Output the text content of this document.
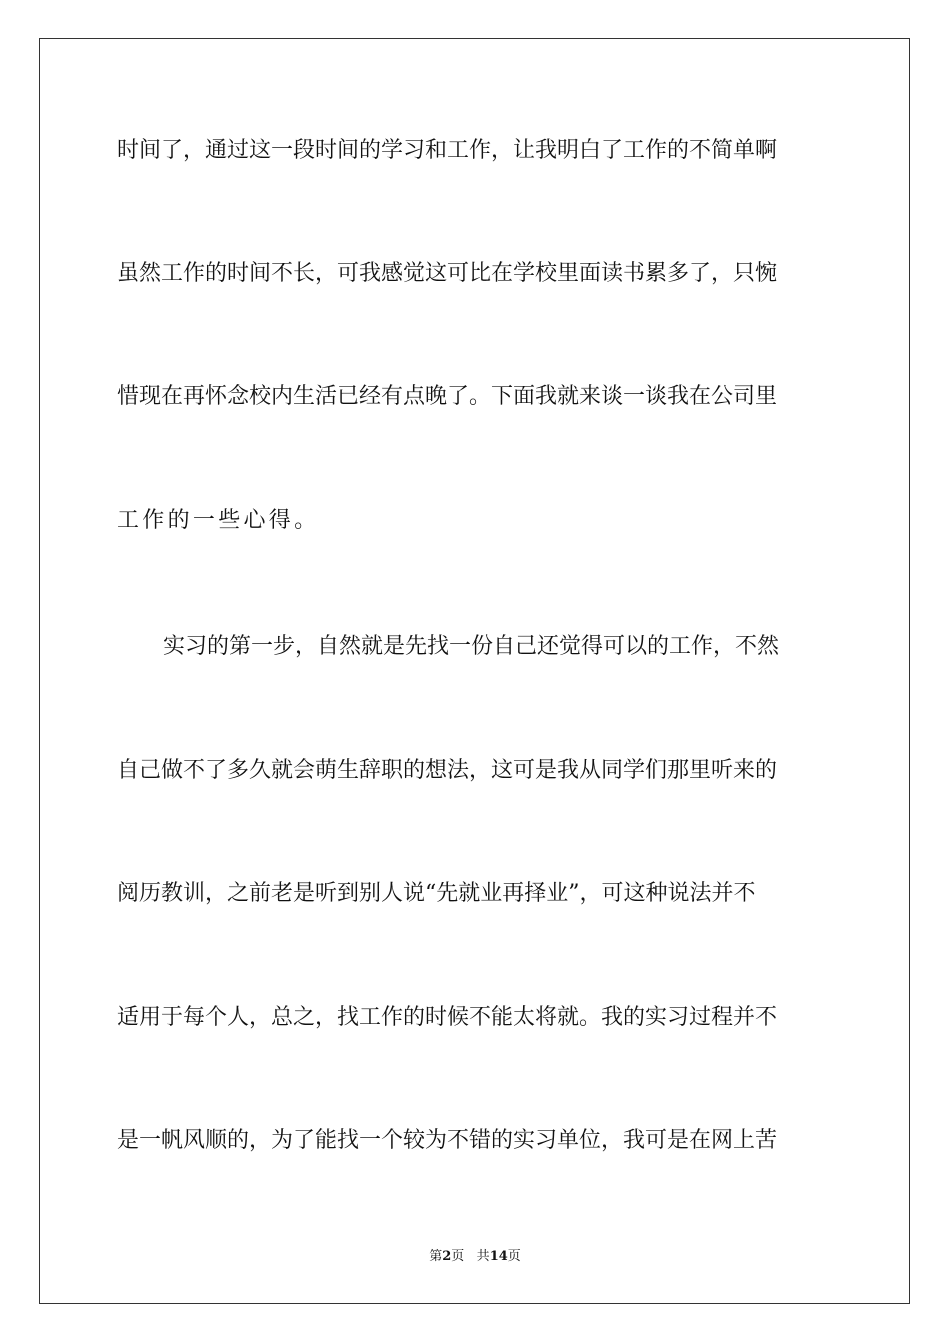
时间了，通过这一段时间的学习和工作，让我明白了工作的不简单啊
虽然工作的时间不长，可我感觉这可比在学校里面读书累多了，只惋
惜现在再怀念校内生活已经有点晚了。下面我就来谈一谈我在公司里
工作的一些心得。
实习的第一步，自然就是先找一份自己还觉得可以的工作，不然
自己做不了多久就会萌生辞职的想法，这可是我从同学们那里听来的
阅历教训，之前老是听到别人说“先就业再择业”，可这种说法并不
适用于每个人，总之，找工作的时候不能太将就。我的实习过程并不
是一帆风顺的，为了能找一个较为不错的实习单位，我可是在网上苦
第2页 共14页
